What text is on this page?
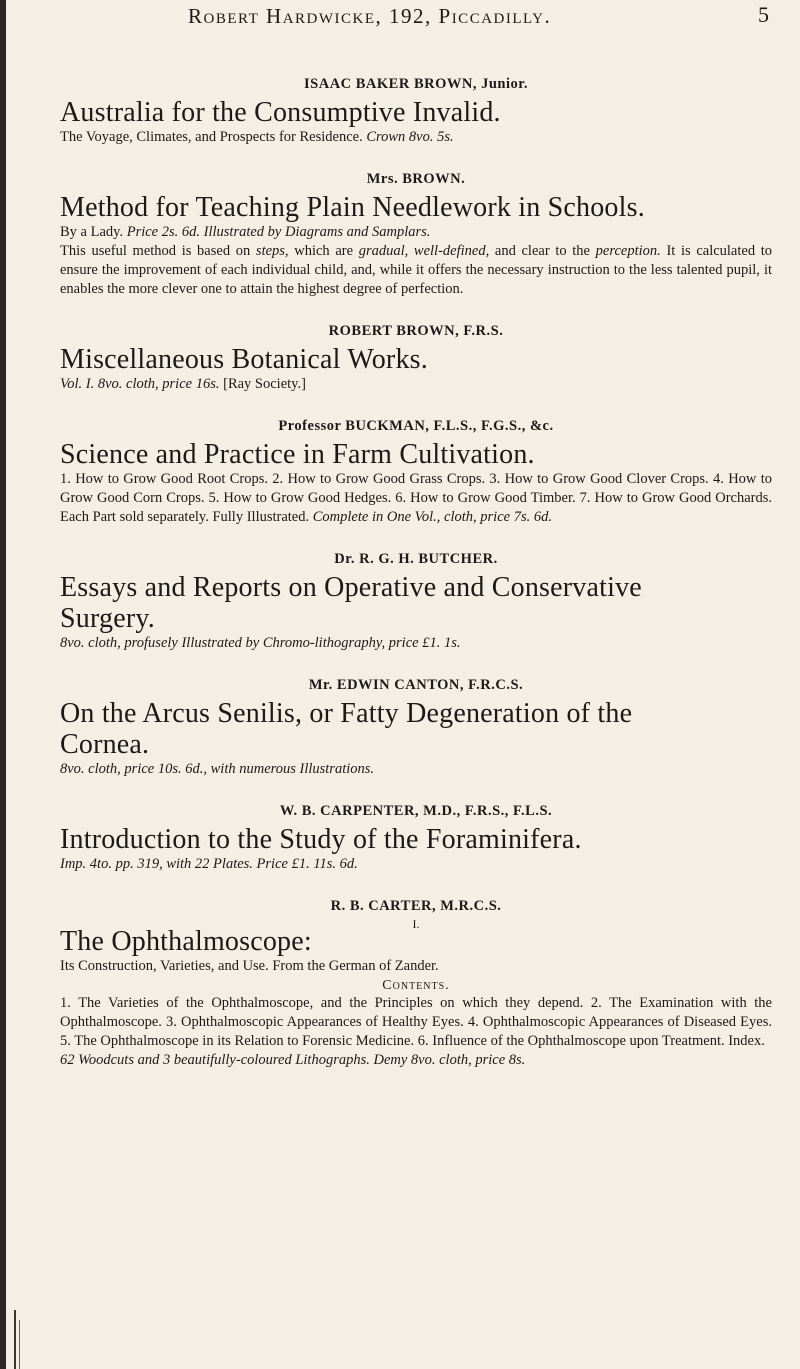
Robert Hardwicke, 192, Piccadilly.	5

ISAAC BAKER BROWN, Junior.

Australia for the Consumptive Invalid.

The Voyage, Climates, and Prospects for Residence. Crown 8vo. 5s.

Mrs. BROWN.

Method for Teaching Plain Needlework in Schools.

By a Lady. Price 2s. 6d. Illustrated by Diagrams and Samplars.

This useful method is based on steps, which are gradual, well-defined, and clear to the perception. It is calculated to ensure the improvement of each individual child, and, while it offers the necessary instruction to the less talented pupil, it enables the more clever one to attain the highest degree of perfection.

ROBERT BROWN, F.R.S.

Miscellaneous Botanical Works.

Vol. I. 8vo. cloth, price 16s. [Ray Society.]

Professor BUCKMAN, F.L.S., F.G.S., &c.

Science and Practice in Farm Cultivation.

1. How to Grow Good Root Crops. 2. How to Grow Good Grass Crops. 3. How to Grow Good Clover Crops. 4. How to Grow Good Corn Crops. 5. How to Grow Good Hedges. 6. How to Grow Good Timber. 7. How to Grow Good Orchards. Each Part sold separately. Fully Illustrated. Complete in One Vol., cloth, price 7s. 6d.

Dr. R. G. H. BUTCHER.

Essays and Reports on Operative and Conservative
Surgery.

8vo. cloth, profusely Illustrated by Chromo-lithography, price £1. 1s.

Mr. EDWIN CANTON, F.R.C.S.

On the Arcus Senilis, or Fatty Degeneration of the
Cornea.

8vo. cloth, price 10s. 6d., with numerous Illustrations.

W. B. CARPENTER, M.D., F.R.S., F.L.S.

Introduction to the Study of the Foraminifera.

Imp. 4to. pp. 319, with 22 Plates. Price £1. 11s. 6d.

R. B. CARTER, M.R.C.S.

I.

The Ophthalmoscope:

Its Construction, Varieties, and Use. From the German of Zander.

Contents.

1. The Varieties of the Ophthalmoscope, and the Principles on which they depend. 2. The Examination with the Ophthalmoscope. 3. Ophthalmoscopic Appearances of Healthy Eyes. 4. Ophthalmoscopic Appearances of Diseased Eyes. 5. The Ophthalmoscope in its Relation to Forensic Medicine. 6. Influence of the Ophthalmoscope upon Treatment. Index.

62 Woodcuts and 3 beautifully-coloured Lithographs. Demy 8vo. cloth, price 8s.
